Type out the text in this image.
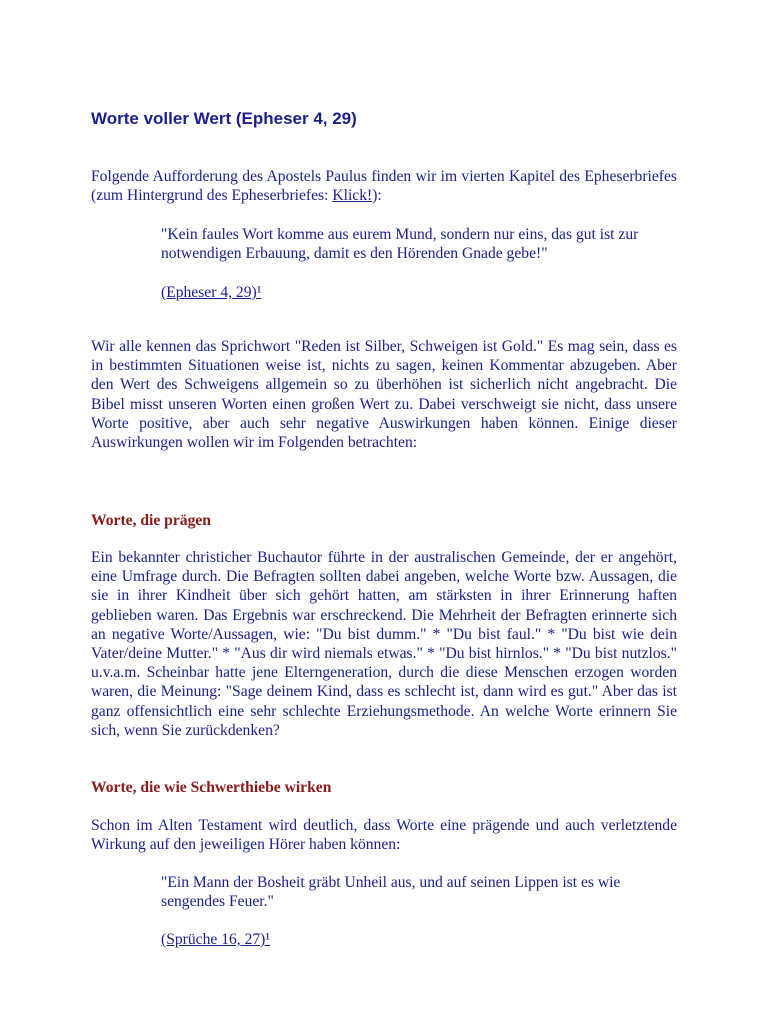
Worte voller Wert (Epheser 4, 29)

Folgende Aufforderung des Apostels Paulus finden wir im vierten Kapitel des Epheserbriefes (zum Hintergrund des Epheserbriefes: Klick!):

"Kein faules Wort komme aus eurem Mund, sondern nur eins, das gut ist zur notwendigen Erbauung, damit es den Hörenden Gnade gebe!"

(Epheser 4, 29)¹

Wir alle kennen das Sprichwort "Reden ist Silber, Schweigen ist Gold." Es mag sein, dass es in bestimmten Situationen weise ist, nichts zu sagen, keinen Kommentar abzugeben. Aber den Wert des Schweigens allgemein so zu überhöhen ist sicherlich nicht angebracht. Die Bibel misst unseren Worten einen großen Wert zu. Dabei verschweigt sie nicht, dass unsere Worte positive, aber auch sehr negative Auswirkungen haben können. Einige dieser Auswirkungen wollen wir im Folgenden betrachten:

Worte, die prägen

Ein bekannter christicher Buchautor führte in der australischen Gemeinde, der er angehört, eine Umfrage durch. Die Befragten sollten dabei angeben, welche Worte bzw. Aussagen, die sie in ihrer Kindheit über sich gehört hatten, am stärksten in ihrer Erinnerung haften geblieben waren. Das Ergebnis war erschreckend. Die Mehrheit der Befragten erinnerte sich an negative Worte/Aussagen, wie: "Du bist dumm." * "Du bist faul." * "Du bist wie dein Vater/deine Mutter." * "Aus dir wird niemals etwas." * "Du bist hirnlos." * "Du bist nutzlos." u.v.a.m. Scheinbar hatte jene Elterngeneration, durch die diese Menschen erzogen worden waren, die Meinung: "Sage deinem Kind, dass es schlecht ist, dann wird es gut." Aber das ist ganz offensichtlich eine sehr schlechte Erziehungsmethode. An welche Worte erinnern Sie sich, wenn Sie zurückdenken?

Worte, die wie Schwerthiebe wirken

Schon im Alten Testament wird deutlich, dass Worte eine prägende und auch verletztende Wirkung auf den jeweiligen Hörer haben können:

"Ein Mann der Bosheit gräbt Unheil aus, und auf seinen Lippen ist es wie sengendes Feuer."

(Sprüche 16, 27)¹
